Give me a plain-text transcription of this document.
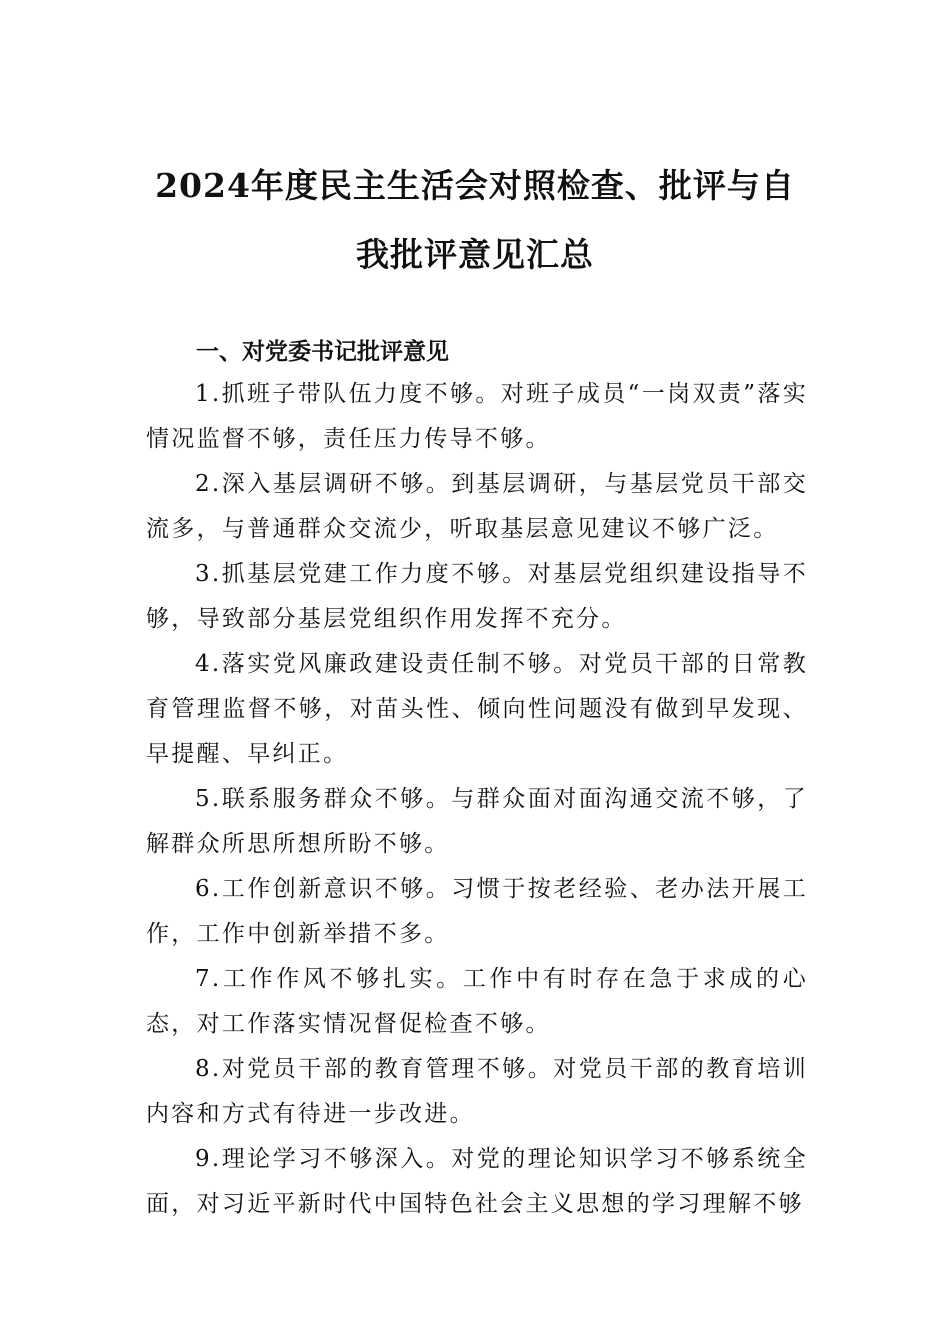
2024年度民主生活会对照检查、批评与自
我批评意见汇总
一、对党委书记批评意见

1.抓班子带队伍力度不够。对班子成员“一岗双责”落实情况监督不够，责任压力传导不够。

2.深入基层调研不够。到基层调研，与基层党员干部交流多，与普通群众交流少，听取基层意见建议不够广泛。

3.抓基层党建工作力度不够。对基层党组织建设指导不够，导致部分基层党组织作用发挥不充分。

4.落实党风廉政建设责任制不够。对党员干部的日常教育管理监督不够，对苗头性、倾向性问题没有做到早发现、早提醒、早纠正。

5.联系服务群众不够。与群众面对面沟通交流不够，了解群众所思所想所盼不够。

6.工作创新意识不够。习惯于按老经验、老办法开展工作，工作中创新举措不多。

7.工作作风不够扎实。工作中有时存在急于求成的心态，对工作落实情况督促检查不够。

8.对党员干部的教育管理不够。对党员干部的教育培训内容和方式有待进一步改进。

9.理论学习不够深入。对党的理论知识学习不够系统全面，对习近平新时代中国特色社会主义思想的学习理解不够
